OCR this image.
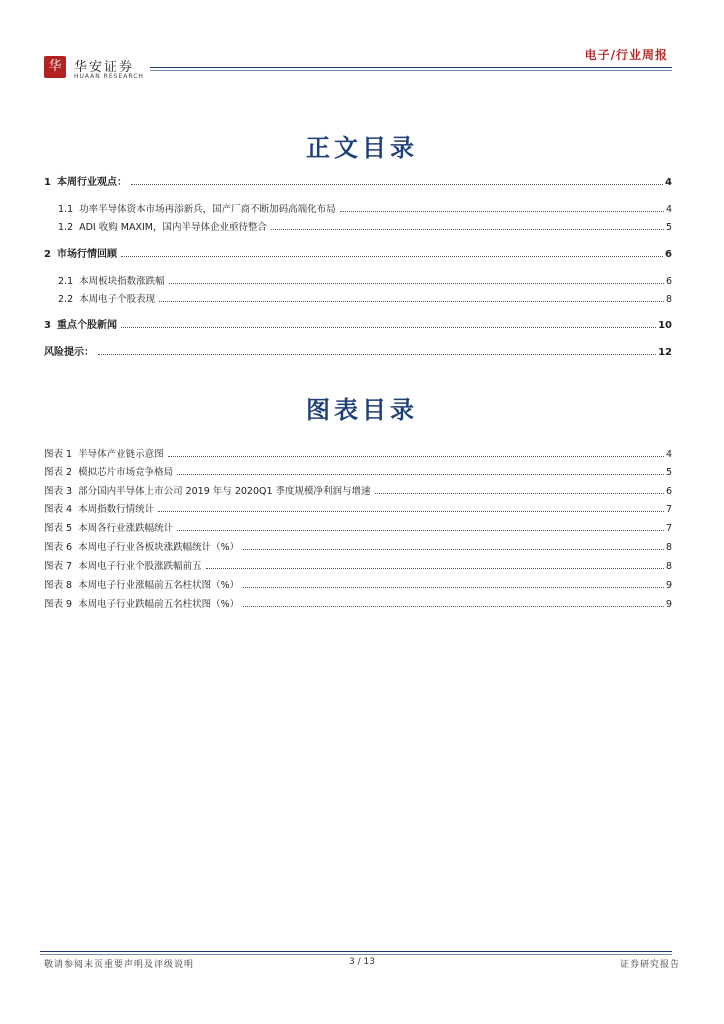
华 华安证券
HUAAN RESEARCH
电子/行业周报
正文目录
1 本周行业观点：	4
1.1 功率半导体资本市场再添新兵，国产厂商不断加码高端化布局	4
1.2 ADI 收购 MAXIM，国内半导体企业亟待整合	5
2 市场行情回顾	6
2.1 本周板块指数涨跌幅	6
2.2 本周电子个股表现	8
3 重点个股新闻	10
风险提示：	12
图表目录
图表 1 半导体产业链示意图	4
图表 2 模拟芯片市场竞争格局	5
图表 3 部分国内半导体上市公司 2019 年与 2020Q1 季度规模净利润与增速	6
图表 4 本周指数行情统计	7
图表 5 本周各行业涨跌幅统计	7
图表 6 本周电子行业各板块涨跌幅统计（%）	8
图表 7 本周电子行业个股涨跌幅前五	8
图表 8 本周电子行业涨幅前五名柱状图（%）	9
图表 9 本周电子行业跌幅前五名柱状图（%）	9
敬请参阅末页重要声明及评级说明	3 / 13	证券研究报告
